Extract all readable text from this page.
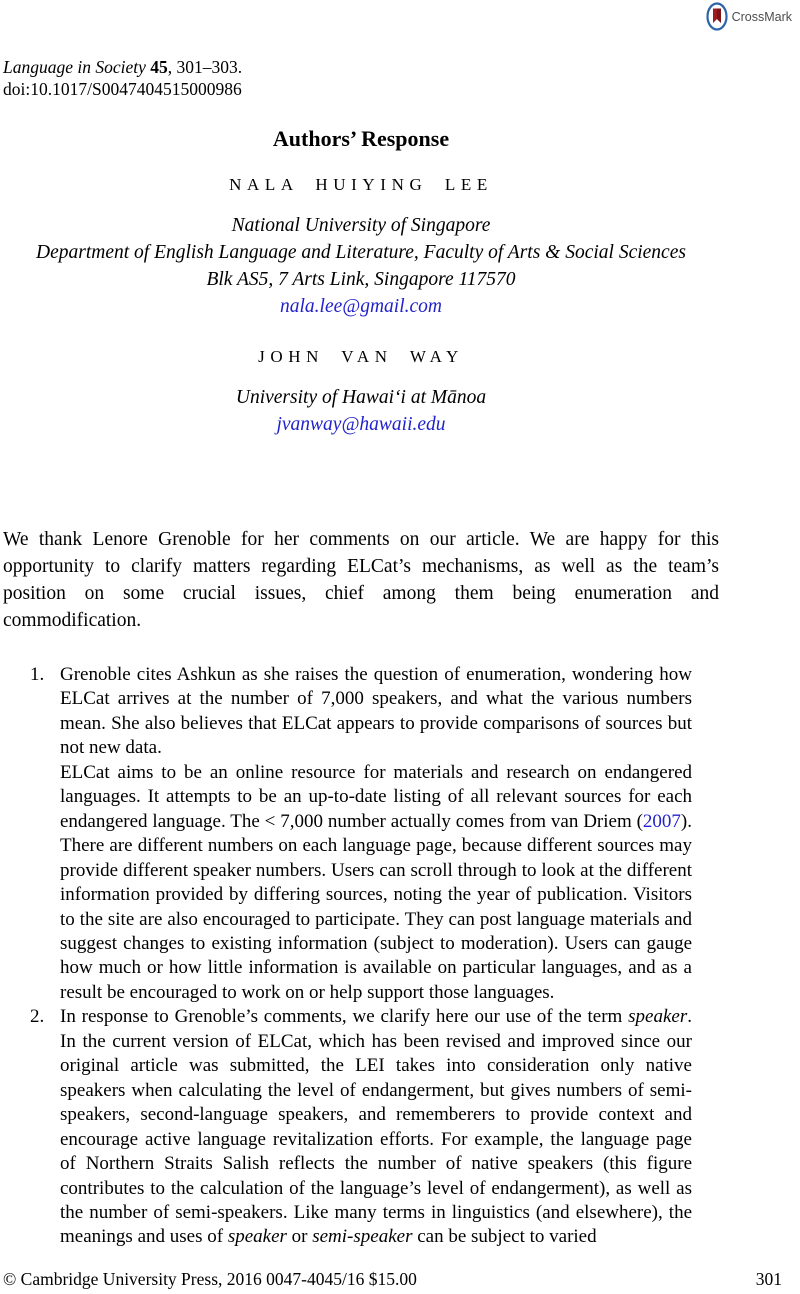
CrossMark
Language in Society 45, 301–303.
doi:10.1017/S0047404515000986
Authors’ Response
NALA HUIYING LEE
National University of Singapore
Department of English Language and Literature, Faculty of Arts & Social Sciences
Blk AS5, 7 Arts Link, Singapore 117570
nala.lee@gmail.com
JOHN VAN WAY
University of Hawaiʻi at Mānoa
jvanway@hawaii.edu

We thank Lenore Grenoble for her comments on our article. We are happy for this opportunity to clarify matters regarding ELCat’s mechanisms, as well as the team’s position on some crucial issues, chief among them being enumeration and commodification.

1. Grenoble cites Ashkun as she raises the question of enumeration, wondering how ELCat arrives at the number of 7,000 speakers, and what the various numbers mean. She also believes that ELCat appears to provide comparisons of sources but not new data.

ELCat aims to be an online resource for materials and research on endangered languages. It attempts to be an up-to-date listing of all relevant sources for each endangered language. The < 7,000 number actually comes from van Driem (2007). There are different numbers on each language page, because different sources may provide different speaker numbers. Users can scroll through to look at the different information provided by differing sources, noting the year of publication. Visitors to the site are also encouraged to participate. They can post language materials and suggest changes to existing information (subject to moderation). Users can gauge how much or how little information is available on particular languages, and as a result be encouraged to work on or help support those languages.

2. In response to Grenoble’s comments, we clarify here our use of the term speaker. In the current version of ELCat, which has been revised and improved since our original article was submitted, the LEI takes into consideration only native speakers when calculating the level of endangerment, but gives numbers of semi-speakers, second-language speakers, and rememberers to provide context and encourage active language revitalization efforts. For example, the language page of Northern Straits Salish reflects the number of native speakers (this figure contributes to the calculation of the language’s level of endangerment), as well as the number of semi-speakers. Like many terms in linguistics (and elsewhere), the meanings and uses of speaker or semi-speaker can be subject to varied

© Cambridge University Press, 2016 0047-4045/16 $15.00	301
